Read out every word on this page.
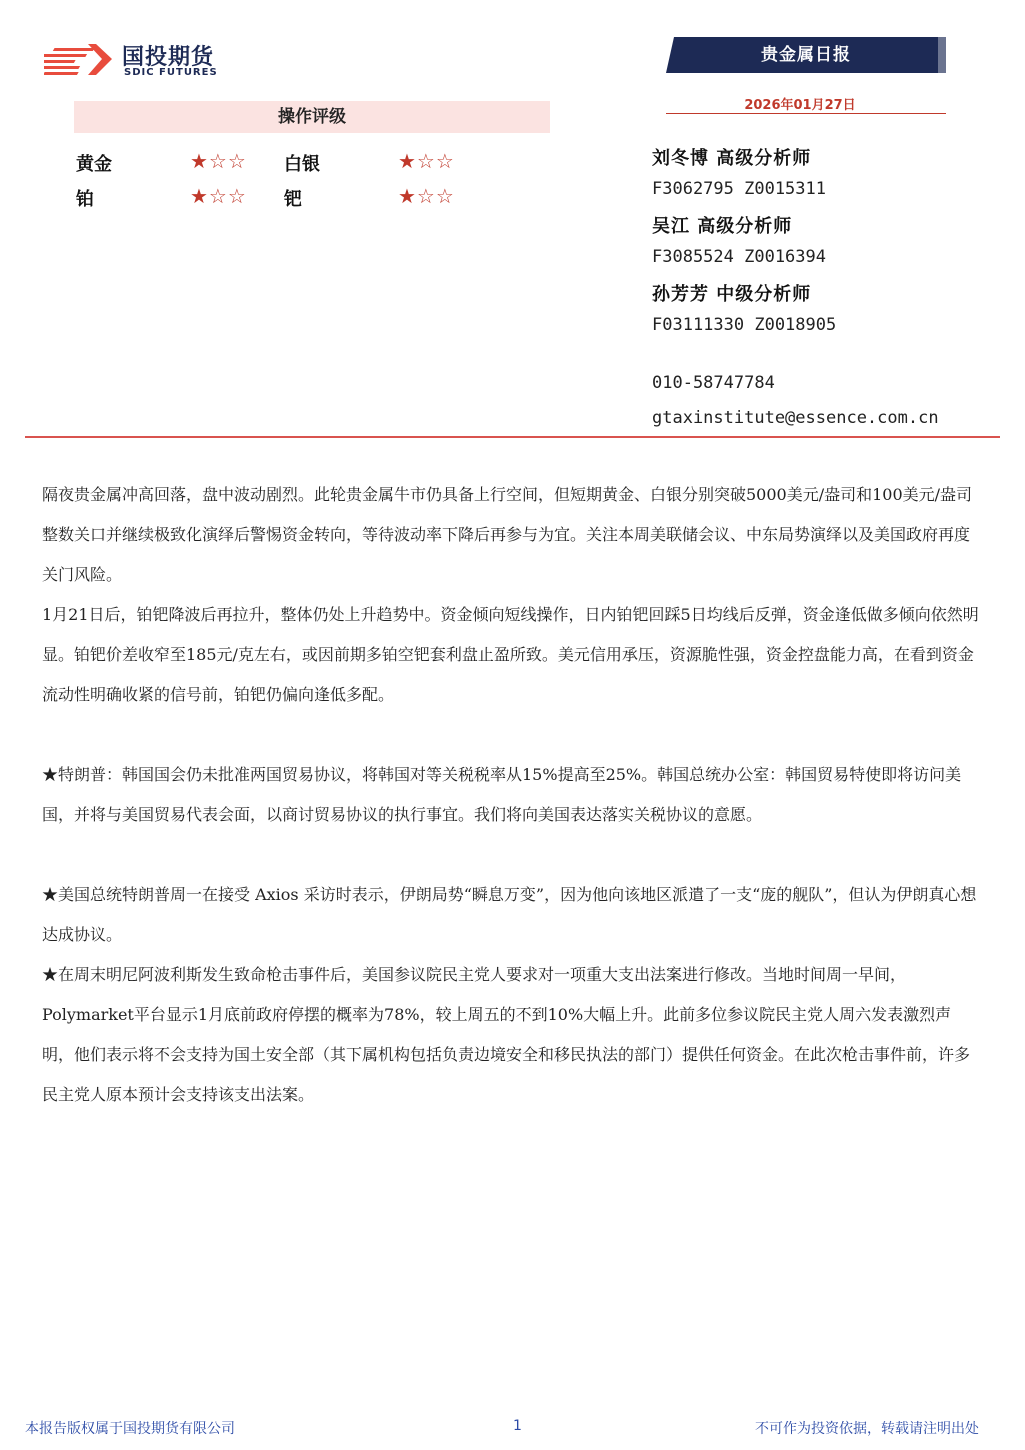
国投期货
SDIC FUTURES
贵金属日报
2026年01月27日
操作评级
黄金	★☆☆ 白银	★☆☆
铂	★☆☆ 钯	★☆☆
刘冬博 高级分析师
F3062795 Z0015311
吴江 高级分析师
F3085524 Z0016394
孙芳芳 中级分析师
F03111330 Z0018905
010-58747784
gtaxinstitute@essence.com.cn
隔夜贵金属冲高回落，盘中波动剧烈。此轮贵金属牛市仍具备上行空间，但短期黄金、白银分别突破5000美元/盎司和100美元/盎司整数关口并继续极致化演绎后警惕资金转向，等待波动率下降后再参与为宜。关注本周美联储会议、中东局势演绎以及美国政府再度关门风险。
1月21日后，铂钯降波后再拉升，整体仍处上升趋势中。资金倾向短线操作，日内铂钯回踩5日均线后反弹，资金逢低做多倾向依然明显。铂钯价差收窄至185元/克左右，或因前期多铂空钯套利盘止盈所致。美元信用承压，资源脆性强，资金控盘能力高，在看到资金流动性明确收紧的信号前，铂钯仍偏向逢低多配。
★特朗普：韩国国会仍未批准两国贸易协议，将韩国对等关税税率从15%提高至25%。韩国总统办公室：韩国贸易特使即将访问美国，并将与美国贸易代表会面，以商讨贸易协议的执行事宜。我们将向美国表达落实关税协议的意愿。
★美国总统特朗普周一在接受 Axios 采访时表示，伊朗局势“瞬息万变”，因为他向该地区派遣了一支“庞的舰队”，但认为伊朗真心想达成协议。
★在周末明尼阿波利斯发生致命枪击事件后，美国参议院民主党人要求对一项重大支出法案进行修改。当地时间周一早间，Polymarket平台显示1月底前政府停摆的概率为78%，较上周五的不到10%大幅上升。此前多位参议院民主党人周六发表激烈声明，他们表示将不会支持为国土安全部（其下属机构包括负责边境安全和移民执法的部门）提供任何资金。在此次枪击事件前，许多民主党人原本预计会支持该支出法案。
本报告版权属于国投期货有限公司	1	不可作为投资依据，转载请注明出处
